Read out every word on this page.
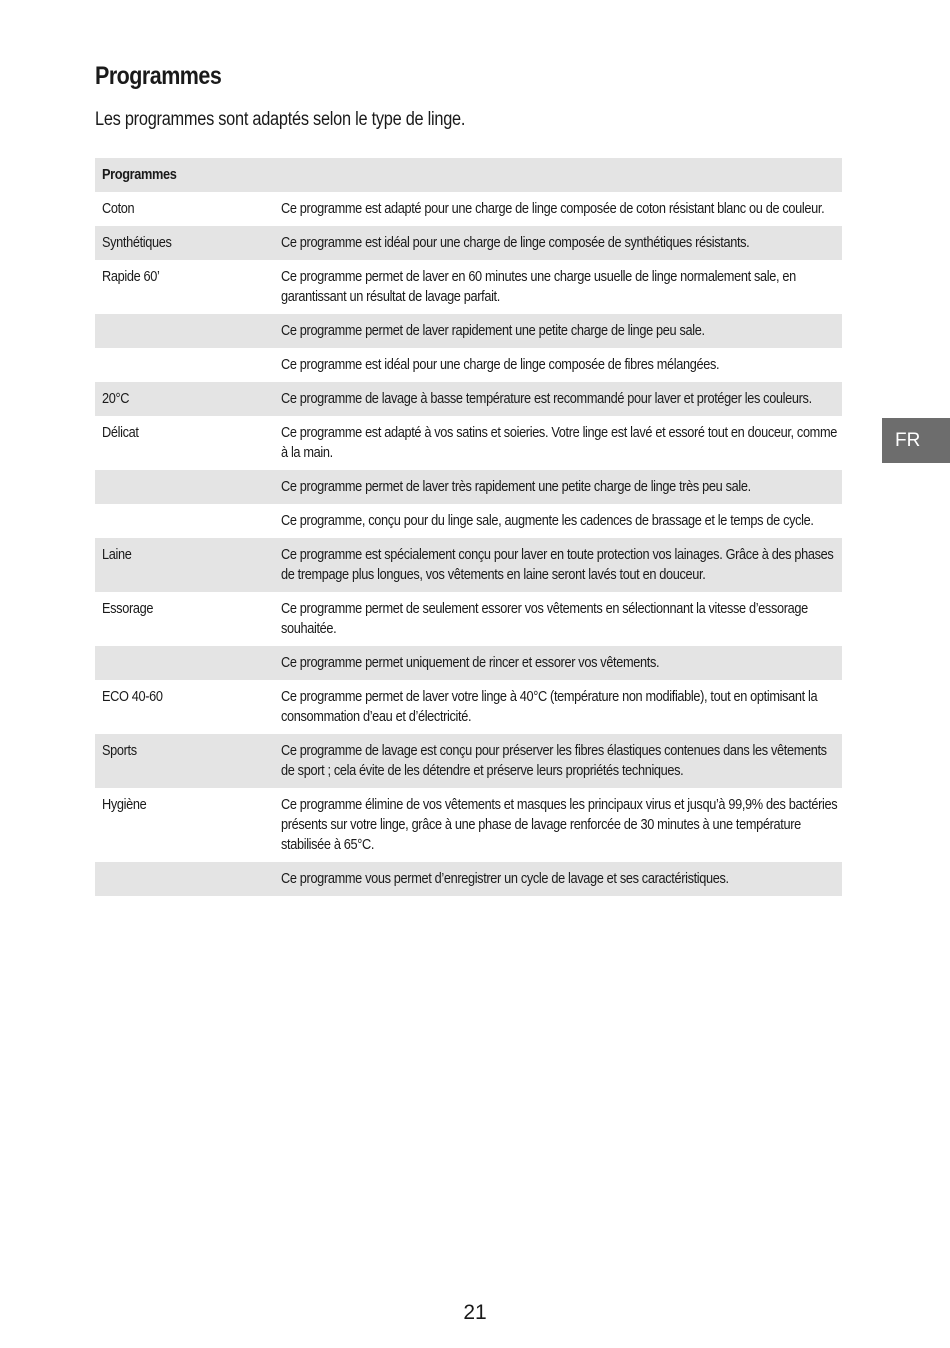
Programmes
Les programmes sont adaptés selon le type de linge.
Programmes	

Coton	Ce programme est adapté pour une charge de linge composée de coton résistant blanc ou de couleur.

Synthétiques	Ce programme est idéal pour une charge de linge composée de synthétiques résistants.

Rapide 60’	Ce programme permet de laver en 60 minutes une charge usuelle de linge normalement sale, en garantissant un résultat de lavage parfait.

	Ce programme permet de laver rapidement une petite charge de linge peu sale.

	Ce programme est idéal pour une charge de linge composée de fibres mélangées.

20°C	Ce programme de lavage à basse température est recommandé pour laver et protéger les couleurs.

Délicat	Ce programme est adapté à vos satins et soieries. Votre linge est lavé et essoré tout en douceur, comme à la main.

	Ce programme permet de laver très rapidement une petite charge de linge très peu sale.

	Ce programme, conçu pour du linge sale, augmente les cadences de brassage et le temps de cycle.

Laine	Ce programme est spécialement conçu pour laver en toute protection vos lainages. Grâce à des phases de trempage plus longues, vos vêtements en laine seront lavés tout en douceur.

Essorage	Ce programme permet de seulement essorer vos vêtements en sélectionnant la vitesse d’essorage souhaitée.

	Ce programme permet uniquement de rincer et essorer vos vêtements.

ECO 40-60	Ce programme permet de laver votre linge à 40°C (température non modifiable), tout en optimisant la consommation d’eau et d’électricité.

Sports	Ce programme de lavage est conçu pour préserver les fibres élastiques contenues dans les vêtements de sport ; cela évite de les détendre et préserve leurs propriétés techniques.

Hygiène	Ce programme élimine de vos vêtements et masques les principaux virus et jusqu’à 99,9% des bactéries présents sur votre linge, grâce à une phase de lavage renforcée de 30 minutes à une température stabilisée à 65°C.

	Ce programme vous permet d’enregistrer un cycle de lavage et ses caractéristiques.
FR
21
